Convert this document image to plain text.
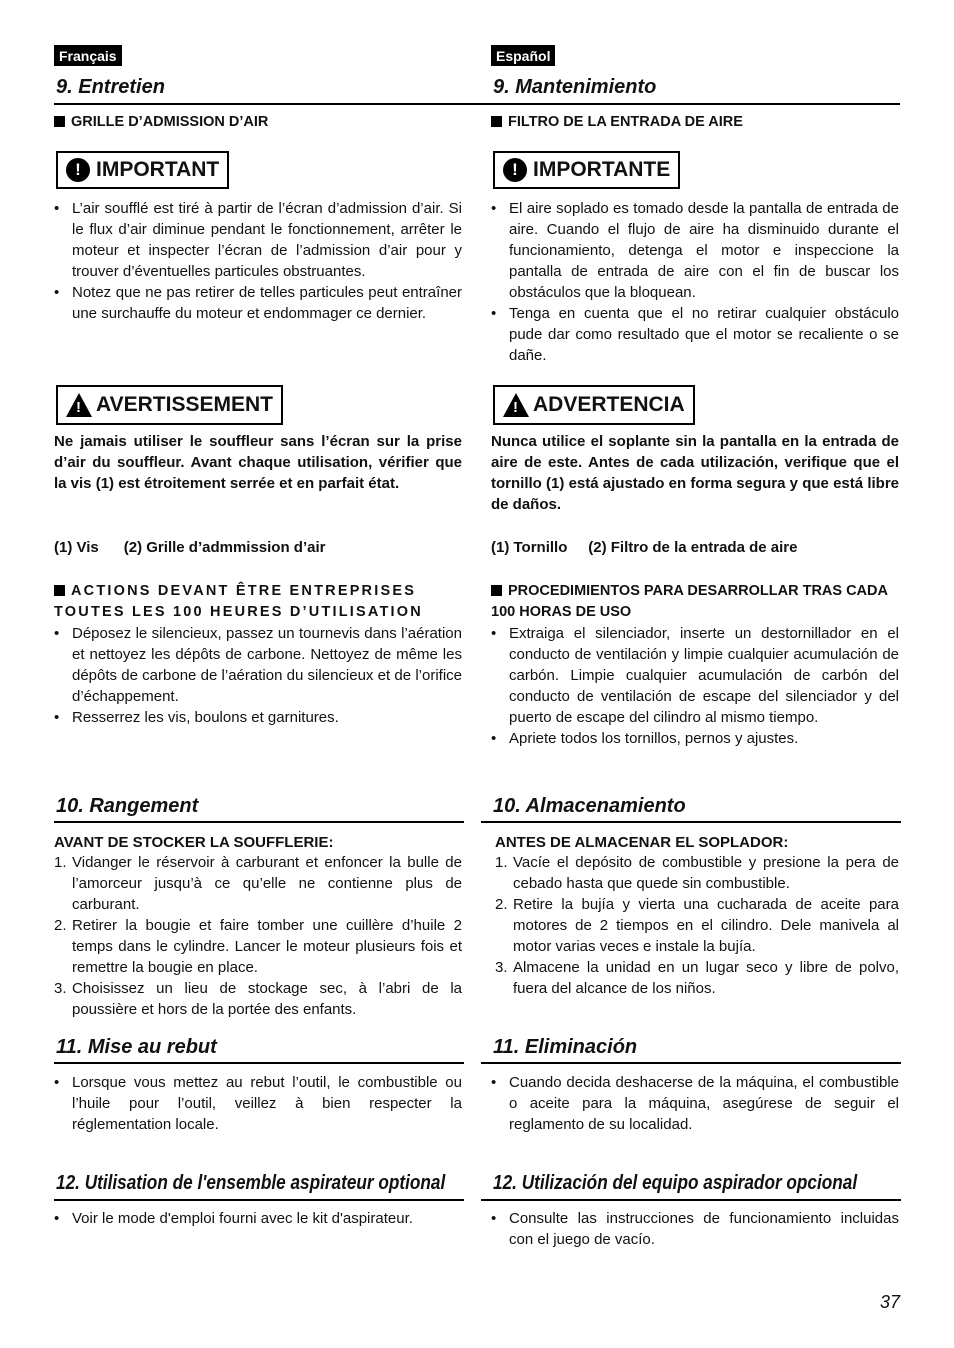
Français
9. Entretien
GRILLE D’ADMISSION D’AIR
! IMPORTANT
• L’air soufflé est tiré à partir de l’écran d’admission d’air. Si le flux d’air diminue pendant le fonctionnement, arrêter le moteur et inspecter l’écran de l’admission d’air pour y trouver d’éventuelles particules obstruantes.
• Notez que ne pas retirer de telles particules peut entraîner une surchauffe du moteur et endommager ce dernier.
! AVERTISSEMENT
Ne jamais utiliser le souffleur sans l’écran sur la prise d’air du souffleur. Avant chaque utilisation, vérifier que la vis (1) est étroitement serrée et en parfait état.
(1) Vis (2) Grille d’admmission d’air
ACTIONS DEVANT ÊTRE ENTREPRISES TOUTES LES 100 HEURES D’UTILISATION
• Déposez le silencieux, passez un tournevis dans l’aération et nettoyez les dépôts de carbone. Nettoyez de même les dépôts de carbone de l’aération du silencieux et de l’orifice d’échappement.
• Resserrez les vis, boulons et garnitures.
10. Rangement
AVANT DE STOCKER LA SOUFFLERIE:
1. Vidanger le réservoir à carburant et enfoncer la bulle de l’amorceur jusqu’à ce qu’elle ne contienne plus de carburant.
2. Retirer la bougie et faire tomber une cuillère d’huile 2 temps dans le cylindre. Lancer le moteur plusieurs fois et remettre la bougie en place.
3. Choisissez un lieu de stockage sec, à l’abri de la poussière et hors de la portée des enfants.
11. Mise au rebut
• Lorsque vous mettez au rebut l’outil, le combustible ou l’huile pour l’outil, veillez à bien respecter la réglementation locale.
12. Utilisation de l'ensemble aspirateur optional
• Voir le mode d'emploi fourni avec le kit d'aspirateur.
Español
9. Mantenimiento
FILTRO DE LA ENTRADA DE AIRE
! IMPORTANTE
• El aire soplado es tomado desde la pantalla de entrada de aire. Cuando el flujo de aire ha disminuido durante el funcionamiento, detenga el motor e inspeccione la pantalla de entrada de aire con el fin de buscar los obstáculos que la bloquean.
• Tenga en cuenta que el no retirar cualquier obstáculo pude dar como resultado que el motor se recaliente o se dañe.
! ADVERTENCIA
Nunca utilice el soplante sin la pantalla en la entrada de aire de este. Antes de cada utilización, verifique que el tornillo (1) está ajustado en forma segura y que está libre de daños.
(1) Tornillo (2) Filtro de la entrada de aire
PROCEDIMIENTOS PARA DESARROLLAR TRAS CADA 100 HORAS DE USO
• Extraiga el silenciador, inserte un destornillador en el conducto de ventilación y limpie cualquier acumulación de carbón. Limpie cualquier acumulación de carbón del conducto de ventilación de escape del silenciador y del puerto de escape del cilindro al mismo tiempo.
• Apriete todos los tornillos, pernos y ajustes.
10. Almacenamiento
ANTES DE ALMACENAR EL SOPLADOR:
1. Vacíe el depósito de combustible y presione la pera de cebado hasta que quede sin combustible.
2. Retire la bujía y vierta una cucharada de aceite para motores de 2 tiempos en el cilindro. Dele manivela al motor varias veces e instale la bujía.
3. Almacene la unidad en un lugar seco y libre de polvo, fuera del alcance de los niños.
11. Eliminación
• Cuando decida deshacerse de la máquina, el combustible o aceite para la máquina, asegúrese de seguir el reglamento de su localidad.
12. Utilización del equipo aspirador opcional
• Consulte las instrucciones de funcionamiento incluidas con el juego de vacío.
37
